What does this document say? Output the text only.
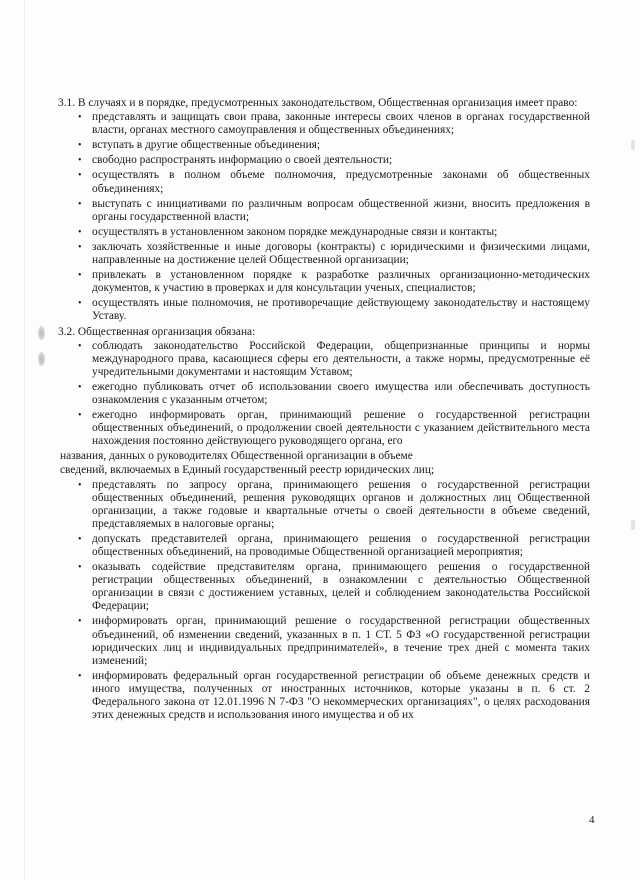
3.1. В случаях и в порядке, предусмотренных законодательством, Общественная организация имеет право:

• представлять и защищать свои права, законные интересы своих членов в органах государственной власти, органах местного самоуправления и общественных объединениях;
• вступать в другие общественные объединения;
• свободно распространять информацию о своей деятельности;
• осуществлять в полном объеме полномочия, предусмотренные законами об общественных объединениях;
• выступать с инициативами по различным вопросам общественной жизни, вносить предложения в органы государственной власти;
• осуществлять в установленном законом порядке международные связи и контакты;
• заключать хозяйственные и иные договоры (контракты) с юридическими и физическими лицами, направленные на достижение целей Общественной организации;
• привлекать в установленном порядке к разработке различных организационно-методических документов, к участию в проверках и для консультации ученых, специалистов;
• осуществлять иные полномочия, не противоречащие действующему законодательству и настоящему Уставу.

3.2. Общественная организация обязана:

• соблюдать законодательство Российской Федерации, общепризнанные принципы и нормы международного права, касающиеся сферы его деятельности, а также нормы, предусмотренные её учредительными документами и настоящим Уставом;
• ежегодно публиковать отчет об использовании своего имущества или обеспечивать доступность ознакомления с указанным отчетом;
• ежегодно информировать орган, принимающий решение о государственной регистрации общественных объединений, о продолжении своей деятельности с указанием действительного места нахождения постоянно действующего руководящего органа, его

названия, данных о руководителях Общественной организации в объеме

сведений, включаемых в Единый государственный реестр юридических лиц;

• представлять по запросу органа, принимающего решения о государственной регистрации общественных объединений, решения руководящих органов и должностных лиц Общественной организации, а также годовые и квартальные отчеты о своей деятельности в объеме сведений, представляемых в налоговые органы;
• допускать представителей органа, принимающего решения о государственной регистрации общественных объединений, на проводимые Общественной организацией мероприятия;
• оказывать содействие представителям органа, принимающего решения о государственной регистрации общественных объединений, в ознакомлении с деятельностью Общественной организации в связи с достижением уставных, целей и соблюдением законодательства Российской Федерации;
• информировать орган, принимающий решение о государственной регистрации общественных объединений, об изменении сведений, указанных в п. 1 СТ. 5 ФЗ «О государственной регистрации юридических лиц и индивидуальных предпринимателей», в течение трех дней с момента таких изменений;
• информировать федеральный орган государственной регистрации об объеме денежных средств и иного имущества, полученных от иностранных источников, которые указаны в п. 6 ст. 2 Федерального закона от 12.01.1996 N 7-ФЗ "О некоммерческих организациях", о целях расходования этих денежных средств и использования иного имущества и об их
4
